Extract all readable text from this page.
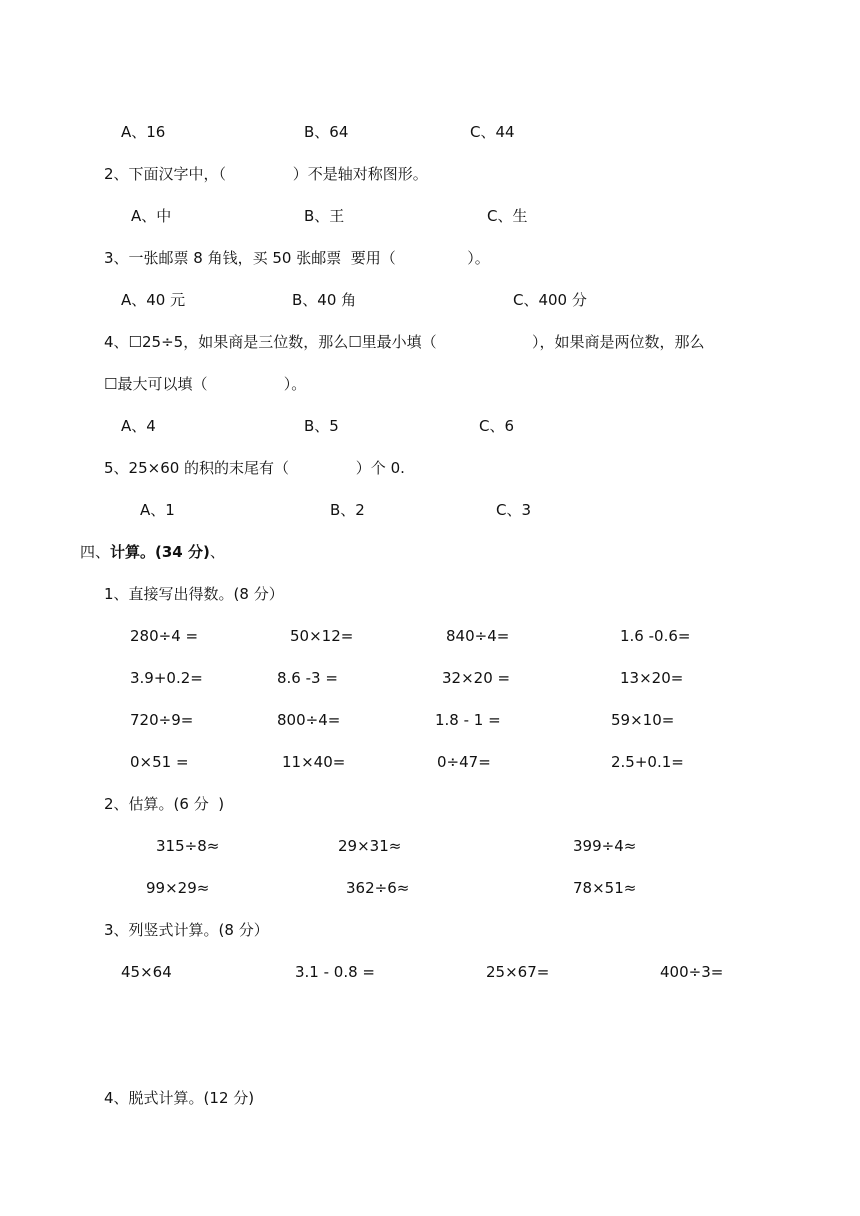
A、16	B、64	C、44
2、下面汉字中，（              ）不是轴对称图形。
A、中	B、王	C、生
3、一张邮票 8 角钱，买 50 张邮票  要用（               ）。
A、40 元	B、40 角	C、400 分
4、☐25÷5，如果商是三位数，那么☐里最小填（                    ），如果商是两位数，那么
☐最大可以填（                ）。
A、4	B、5	C、6
5、25×60 的积的末尾有（              ）个 0.
A、1	B、2	C、3
四、计算。(34 分)、
1、直接写出得数。(8 分）
280÷4 =	50×12=	840÷4=	1.6 -0.6=
3.9+0.2=	8.6 -3 =	32×20 =	13×20=
720÷9=	800÷4=	1.8 - 1 =	59×10=
0×51 =	11×40=	0÷47=	2.5+0.1=
2、估算。(6 分  )
315÷8≈	29×31≈	399÷4≈
99×29≈	362÷6≈	78×51≈
3、列竖式计算。(8 分）
45×64	3.1 - 0.8 =	25×67=	400÷3=
4、脱式计算。(12 分)
